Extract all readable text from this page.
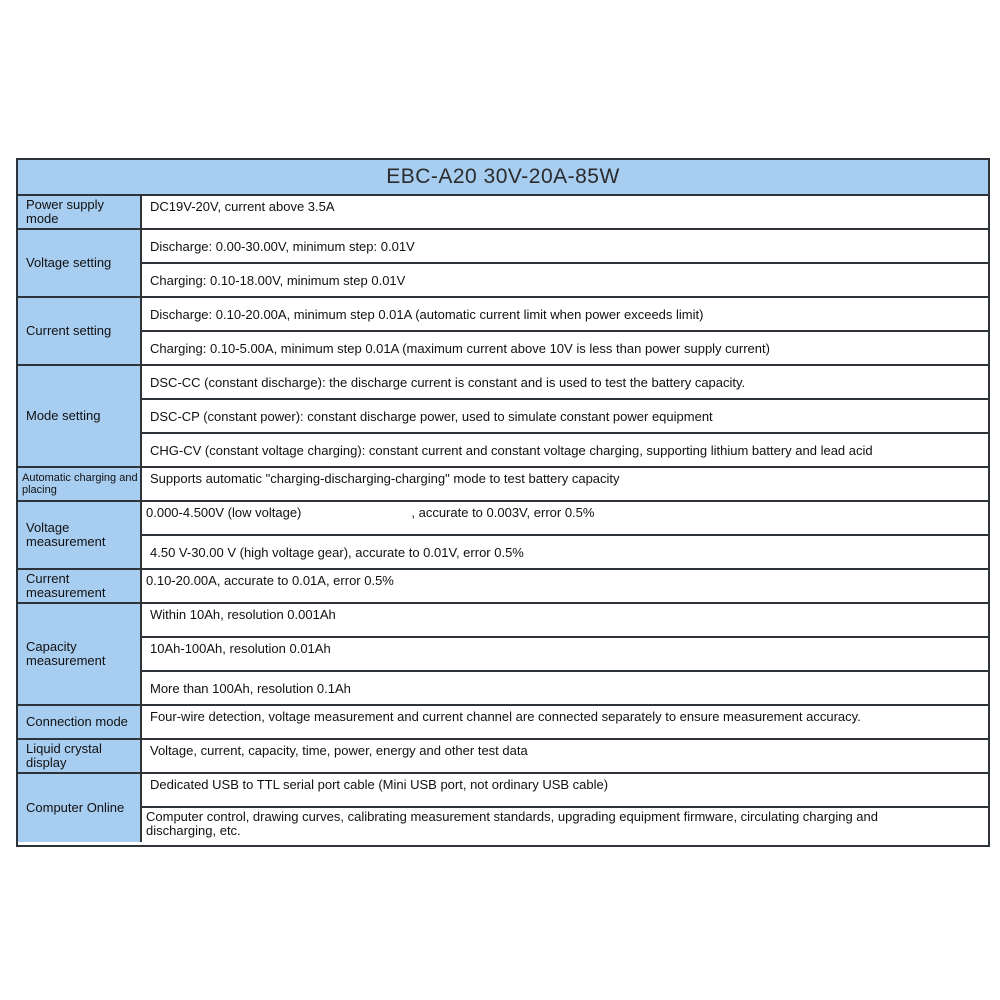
EBC-A20 30V-20A-85W
Power supply mode
DC19V-20V, current above 3.5A
Voltage setting
Discharge: 0.00-30.00V, minimum step: 0.01V
Charging: 0.10-18.00V, minimum step 0.01V
Current setting
Discharge: 0.10-20.00A, minimum step 0.01A (automatic current limit when power exceeds limit)
Charging: 0.10-5.00A, minimum step 0.01A (maximum current above 10V is less than power supply current)
Mode setting
DSC-CC (constant discharge): the discharge current is constant and is used to test the battery capacity.
DSC-CP (constant power): constant discharge power, used to simulate constant power equipment
CHG-CV (constant voltage charging): constant current and constant voltage charging, supporting lithium battery and lead acid
Automatic charging and placing
Supports automatic "charging-discharging-charging" mode to test battery capacity
Voltage measurement
0.000-4.500V (low voltage)	, accurate to 0.003V, error 0.5%
4.50 V-30.00 V (high voltage gear), accurate to 0.01V, error 0.5%
Current measurement
0.10-20.00A, accurate to 0.01A, error 0.5%
Capacity measurement
Within 10Ah, resolution 0.001Ah
10Ah-100Ah, resolution 0.01Ah
More than 100Ah, resolution 0.1Ah
Connection mode	Four-wire detection, voltage measurement and current channel are connected separately to ensure measurement accuracy.
Liquid crystal display
Voltage, current, capacity, time, power, energy and other test data
Computer Online
Dedicated USB to TTL serial port cable (Mini USB port, not ordinary USB cable)
Computer control, drawing curves, calibrating measurement standards, upgrading equipment firmware, circulating charging and discharging, etc.
